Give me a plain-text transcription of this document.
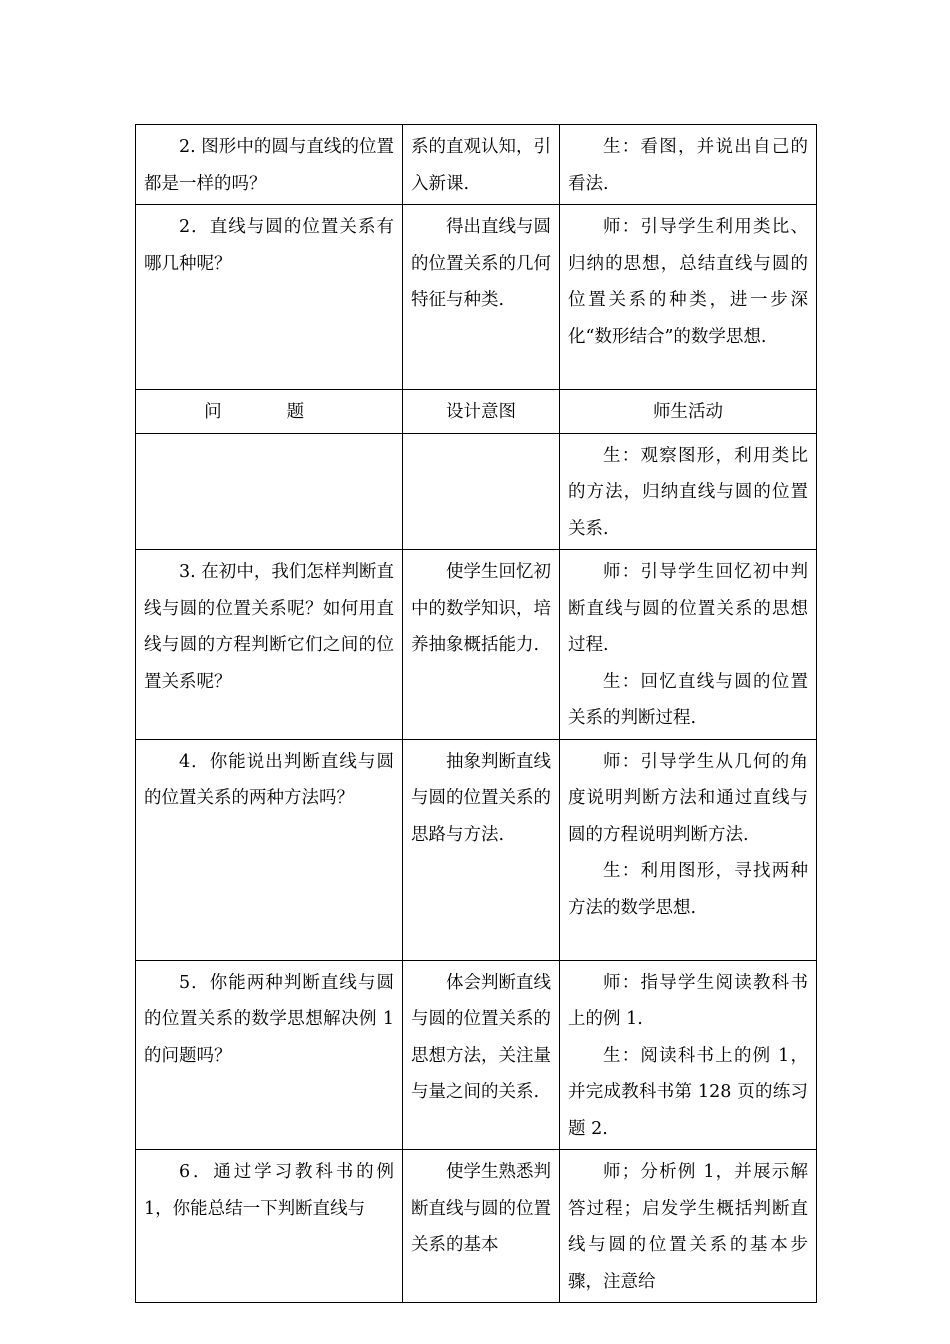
2. 图形中的圆与直线的位置都是一样的吗？	系的直观认知，引入新课.	生：看图，并说出自己的看法.

2．直线与圆的位置关系有哪几种呢？	得出直线与圆的位置关系的几何特征与种类.	师：引导学生利用类比、归纳的思想，总结直线与圆的位置关系的种类，进一步深化“数形结合”的数学思想.

问 题	设计意图	师生活动

		生：观察图形，利用类比的方法，归纳直线与圆的位置关系.

3. 在初中，我们怎样判断直线与圆的位置关系呢？如何用直线与圆的方程判断它们之间的位置关系呢？	使学生回忆初中的数学知识，培养抽象概括能力.	师：引导学生回忆初中判断直线与圆的位置关系的思想过程.
生：回忆直线与圆的位置关系的判断过程.

4．你能说出判断直线与圆的位置关系的两种方法吗？	抽象判断直线与圆的位置关系的思路与方法.	师：引导学生从几何的角度说明判断方法和通过直线与圆的方程说明判断方法.
生：利用图形，寻找两种方法的数学思想.

5．你能两种判断直线与圆的位置关系的数学思想解决例 1 的问题吗？	体会判断直线与圆的位置关系的思想方法，关注量与量之间的关系.	师：指导学生阅读教科书上的例 1.
生：阅读科书上的例 1，并完成教科书第 128 页的练习题 2.

6．通过学习教科书的例 1，你能总结一下判断直线与	使学生熟悉判断直线与圆的位置关系的基本	师；分析例 1，并展示解答过程；启发学生概括判断直线与圆的位置关系的基本步骤，注意给
